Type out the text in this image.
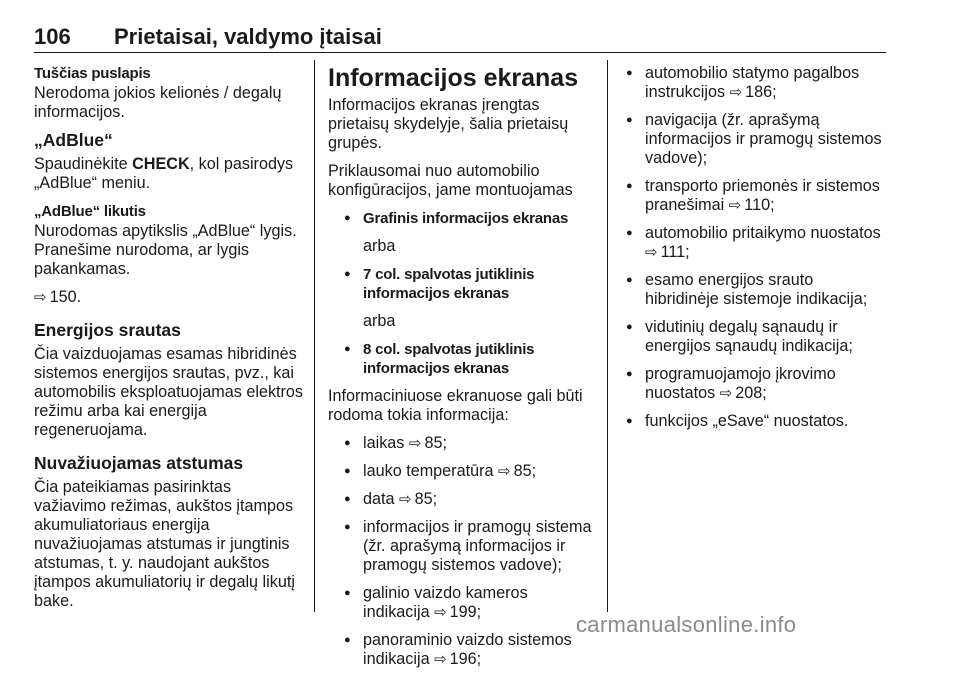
106 Prietaisai, valdymo įtaisai
Tuščias puslapis

Nerodoma jokios kelionės / degalų informacijos.

„AdBlue“

Spaudinėkite CHECK, kol pasirodys „AdBlue“ meniu.

„AdBlue“ likutis

Nurodomas apytikslis „AdBlue“ lygis. Pranešime nurodoma, ar lygis pakankamas.

⇨ 150.

Energijos srautas

Čia vaizduojamas esamas hibridinės sistemos energijos srautas, pvz., kai automobilis eksploatuojamas elektros režimu arba kai energija regeneruojama.

Nuvažiuojamas atstumas

Čia pateikiamas pasirinktas važiavimo režimas, aukštos įtampos akumuliatoriaus energija nuvažiuojamas atstumas ir jungtinis atstumas, t. y. naudojant aukštos įtampos akumuliatorių ir degalų likutį bake.

Informacijos ekranas

Informacijos ekranas įrengtas prietaisų skydelyje, šalia prietaisų grupės.

Priklausomai nuo automobilio konfigūracijos, jame montuojamas

● Grafinis informacijos ekranas
arba
● 7 col. spalvotas jutiklinis informacijos ekranas
arba
● 8 col. spalvotas jutiklinis informacijos ekranas

Informaciniuose ekranuose gali būti rodoma tokia informacija:

● laikas ⇨ 85;
● lauko temperatūra ⇨ 85;
● data ⇨ 85;
● informacijos ir pramogų sistema (žr. aprašymą informacijos ir pramogų sistemos vadove);
● galinio vaizdo kameros indikacija ⇨ 199;
● panoraminio vaizdo sistemos indikacija ⇨ 196;
● automobilio statymo pagalbos instrukcijos ⇨ 186;
● navigacija (žr. aprašymą informacijos ir pramogų sistemos vadove);
● transporto priemonės ir sistemos pranešimai ⇨ 110;
● automobilio pritaikymo nuostatos ⇨ 111;
● esamo energijos srauto hibridinėje sistemoje indikacija;
● vidutinių degalų sąnaudų ir energijos sąnaudų indikacija;
● programuojamojo įkrovimo nuostatos ⇨ 208;
● funkcijos „eSave“ nuostatos.
carmanualsonline.info
